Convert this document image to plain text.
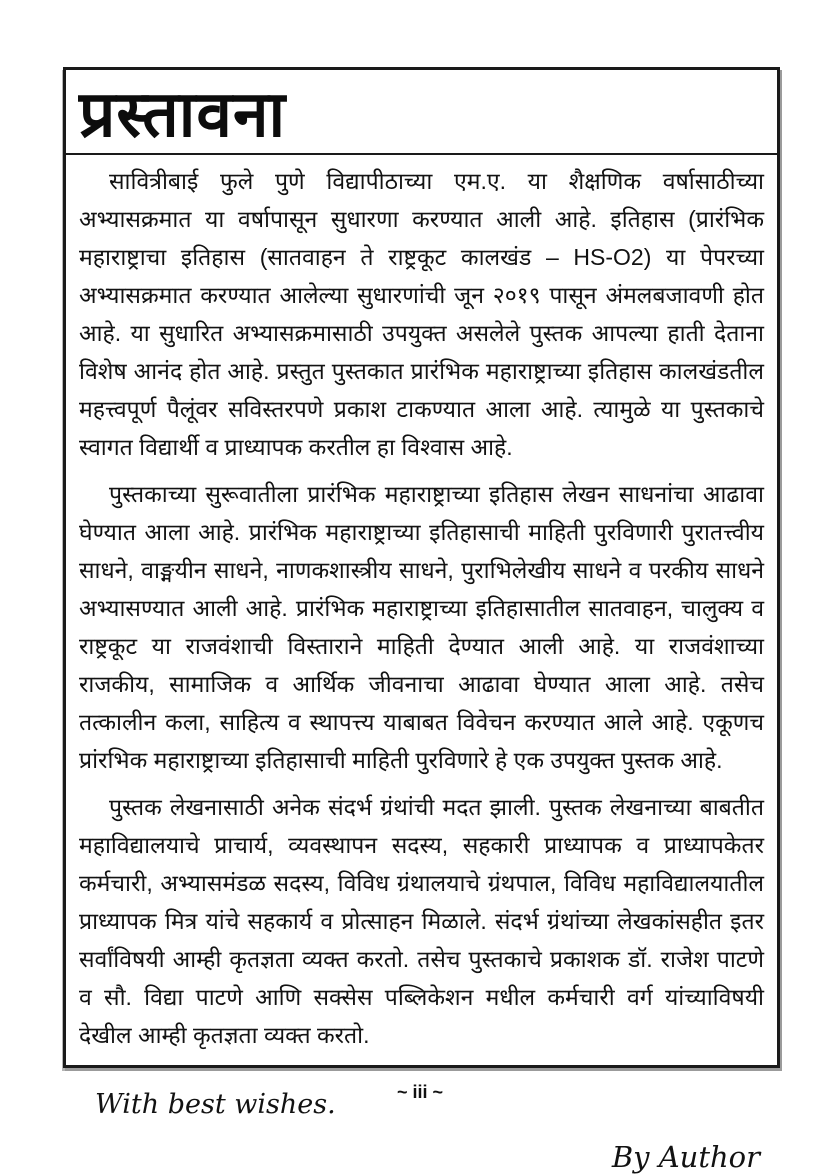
प्रस्तावना

सावित्रीबाई फुले पुणे विद्यापीठाच्या एम.ए. या शैक्षणिक वर्षासाठीच्या अभ्यासक्रमात या वर्षापासून सुधारणा करण्यात आली आहे. इतिहास (प्रारंभिक महाराष्ट्राचा इतिहास (सातवाहन ते राष्ट्रकूट कालखंड – HS-O2) या पेपरच्या अभ्यासक्रमात करण्यात आलेल्या सुधारणांची जून २०१९ पासून अंमलबजावणी होत आहे. या सुधारित अभ्यासक्रमासाठी उपयुक्त असलेले पुस्तक आपल्या हाती देताना विशेष आनंद होत आहे. प्रस्तुत पुस्तकात प्रारंभिक महाराष्ट्राच्या इतिहास कालखंडतील महत्त्वपूर्ण पैलूंवर सविस्तरपणे प्रकाश टाकण्यात आला आहे. त्यामुळे या पुस्तकाचे स्वागत विद्यार्थी व प्राध्यापक करतील हा विश्वास आहे.

पुस्तकाच्या सुरूवातीला प्रारंभिक महाराष्ट्राच्या इतिहास लेखन साधनांचा आढावा घेण्यात आला आहे. प्रारंभिक महाराष्ट्राच्या इतिहासाची माहिती पुरविणारी पुरातत्त्वीय साधने, वाङ्मयीन साधने, नाणकशास्त्रीय साधने, पुराभिलेखीय साधने व परकीय साधने अभ्यासण्यात आली आहे. प्रारंभिक महाराष्ट्राच्या इतिहासातील सातवाहन, चालुक्य व राष्ट्रकूट या राजवंशाची विस्ताराने माहिती देण्यात आली आहे. या राजवंशाच्या राजकीय, सामाजिक व आर्थिक जीवनाचा आढावा घेण्यात आला आहे. तसेच तत्कालीन कला, साहित्य व स्थापत्त्य याबाबत विवेचन करण्यात आले आहे. एकूणच प्रांरभिक महाराष्ट्राच्या इतिहासाची माहिती पुरविणारे हे एक उपयुक्त पुस्तक आहे.

पुस्तक लेखनासाठी अनेक संदर्भ ग्रंथांची मदत झाली. पुस्तक लेखनाच्या बाबतीत महाविद्यालयाचे प्राचार्य, व्यवस्थापन सदस्य, सहकारी प्राध्यापक व प्राध्यापकेतर कर्मचारी, अभ्यासमंडळ सदस्य, विविध ग्रंथालयाचे ग्रंथपाल, विविध महाविद्यालयातील प्राध्यापक मित्र यांचे सहकार्य व प्रोत्साहन मिळाले. संदर्भ ग्रंथांच्या लेखकांसहीत इतर सर्वांविषयी आम्ही कृतज्ञता व्यक्त करतो. तसेच पुस्तकाचे प्रकाशक डॉ. राजेश पाटणे व सौ. विद्या पाटणे आणि सक्सेस पब्लिकेशन मधील कर्मचारी वर्ग यांच्याविषयी देखील आम्ही कृतज्ञता व्यक्त करतो.

With best wishes.

By Author

~ iii ~
